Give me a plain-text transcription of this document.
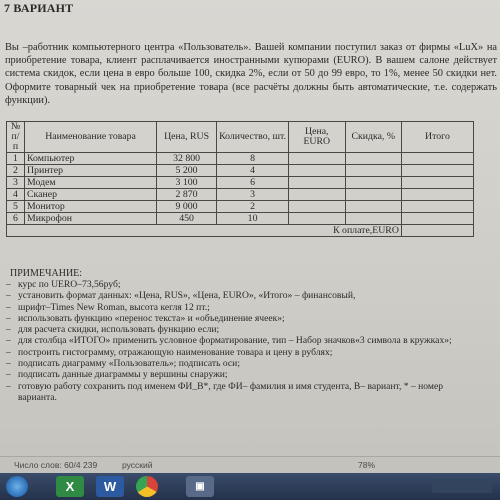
7 ВАРИАНТ
Вы –работник компьютерного центра «Пользователь». Вашей компании поступил заказ от фирмы «LuX» на приобретение товара, клиент расплачивается иностранными купюрами (EURO). В вашем салоне действует система скидок, если цена в евро больше 100, скидка 2%, если от 50 до 99 евро, то 1%, менее 50 скидки нет. Оформите товарный чек на приобретение товара (все расчёты должны быть автоматические, т.е. содержать функции).
№ п/п	Наименование товара	Цена, RUS	Количество, шт.	Цена, EURO	Скидка, %	Итого
1	Компьютер	32 800	8			
2	Принтер	5 200	4			
3	Модем	3 100	6			
4	Сканер	2 870	3			
5	Монитор	9 000	2			
6	Микрофон	450	10			
К оплате,EURO						
ПРИМЕЧАНИЕ:
– курс по UERO–73,56руб;
– установить формат данных: «Цена, RUS», «Цена, EURO», «Итого» – финансовый,
– шрифт–Times New Roman, высота кегля 12 пт.;
– использовать функцию «перенос текста» и «объединение ячеек»;
– для расчета скидки, использовать функцию если;
– для столбца «ИТОГО» применить условное форматирование, тип – Набор значков«3 символа в кружках»;
– построить гистограмму, отражающую наименование товара и цену в рублях;
– подписать диаграмму «Пользователь»; подписать оси;
– подписать данные диаграммы у вершины снаружи;
– готовую работу сохранить под именем ФИ_В*, где ФИ– фамилия и имя студента, В– вариант, * – номер варианта.
Число слов: 60/4 239	русский	78%
X	W	▣
